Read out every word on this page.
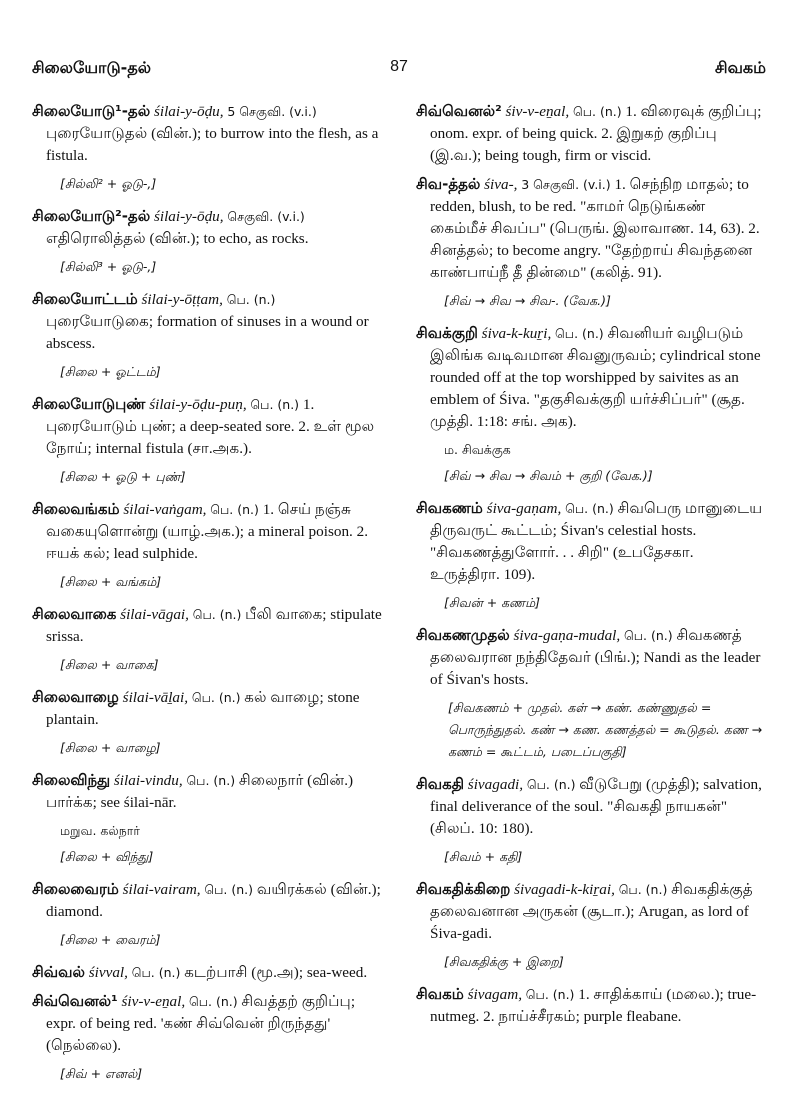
சிலையோடு-தல்	87	சிவகம்
சிலையோடு¹-தல் śilai-y-ōḍu, 5 செகுவி. (v.i.) புரையோடுதல் (வின்.); to burrow into the flesh, as a fistula.
[சில்லி² + ஓடு-,]
சிலையோடு²-தல் śilai-y-ōḍu, செகுவி. (v.i.) எதிரொலித்தல் (வின்.); to echo, as rocks.
[சில்லி³ + ஓடு-,]
சிலையோட்டம் śilai-y-ōṭṭam, பெ. (n.) புரையோடுகை; formation of sinuses in a wound or abscess.
[சிலை + ஓட்டம்]
சிலையோடுபுண் śilai-y-ōḍu-puṇ, பெ. (n.) 1. புரையோடும் புண்; a deep-seated sore. 2. உள் மூல நோய்; internal fistula (சா.அக.).
[சிலை + ஓடு + புண்]
சிலைவங்கம் śilai-vaṅgam, பெ. (n.) 1. செய் நஞ்சு வகையுளொன்று (யாழ்.அக.); a mineral poison. 2. ஈயக் கல்; lead sulphide.
[சிலை + வங்கம்]
சிலைவாகை śilai-vāgai, பெ. (n.) பீலி வாகை; stipulate srissa.
[சிலை + வாகை]
சிலைவாழை śilai-vāḻai, பெ. (n.) கல் வாழை; stone plantain.
[சிலை + வாழை]
சிலைவிந்து śilai-vindu, பெ. (n.) சிலைநார் (வின்.) பார்க்க; see śilai-nār.
மறுவ. கல்நார்
[சிலை + விந்து]
சிலைவைரம் śilai-vairam, பெ. (n.) வயிரக்கல் (வின்.); diamond.
[சிலை + வைரம்]
சிவ்வல் śivval, பெ. (n.) கடற்பாசி (மூ.அ); sea-weed.
சிவ்வெனல்¹ śiv-v-eṉal, பெ. (n.) சிவத்தற் குறிப்பு; expr. of being red. 'கண் சிவ்வென் றிருந்தது' (நெல்லை).
[சிவ் + எனல்]
சிவ்வெனல்² śiv-v-eṉal, பெ. (n.) 1. விரைவுக் குறிப்பு; onom. expr. of being quick. 2. இறுகற் குறிப்பு (இ.வ.); being tough, firm or viscid.
சிவ-த்தல் śiva-, 3 செகுவி. (v.i.) 1. செந்நிற மாதல்; to redden, blush, to be red. "காமர் நெடுங்கண் கைம்மீச் சிவப்ப" (பெருங். இலாவாண. 14, 63). 2. சினத்தல்; to become angry. "தேற்றாய் சிவந்தனை காண்பாய்நீ தீ தின்மை" (கலித். 91).
[சிவ் → சிவ → சிவ-. (வேக.)]
சிவக்குறி śiva-k-kuṟi, பெ. (n.) சிவனியர் வழிபடும் இலிங்க வடிவமான சிவனுருவம்; cylindrical stone rounded off at the top worshipped by saivites as an emblem of Śiva. "தகுசிவக்குறி யர்ச்சிப்பர்" (சூத. முத்தி. 1:18: சங். அக).
ம. சிவக்குக
[சிவ் → சிவ → சிவம் + குறி (வேக.)]
சிவகணம் śiva-gaṇam, பெ. (n.) சிவபெரு மானுடைய திருவருட் கூட்டம்; Śivan's celestial hosts. "சிவகணத்துளோர். . . சிறி" (உபதேசகா. உருத்திரா. 109).
[சிவன் + கணம்]
சிவகணமுதல் śiva-gaṇa-mudal, பெ. (n.) சிவகணத் தலைவரான நந்திதேவர் (பிங்.); Nandi as the leader of Śivan's hosts.
[சிவகணம் + முதல். கள் → கண். கண்ணுதல் = பொருந்துதல். கண் → கண. கணத்தல் = கூடுதல். கண → கணம் = கூட்டம், படைப்பகுதி]
சிவகதி śivagadi, பெ. (n.) வீடுபேறு (முத்தி); salvation, final deliverance of the soul. "சிவகதி நாயகன்" (சிலப். 10: 180).
[சிவம் + கதி]
சிவகதிக்கிறை śivagadi-k-kiṟai, பெ. (n.) சிவகதிக்குத் தலைவனான அருகன் (சூடா.); Arugan, as lord of Śiva-gadi.
[சிவகதிக்கு + இறை]
சிவகம் śivagam, பெ. (n.) 1. சாதிக்காய் (மலை.); true-nutmeg. 2. நாய்ச்சீரகம்; purple fleabane.
